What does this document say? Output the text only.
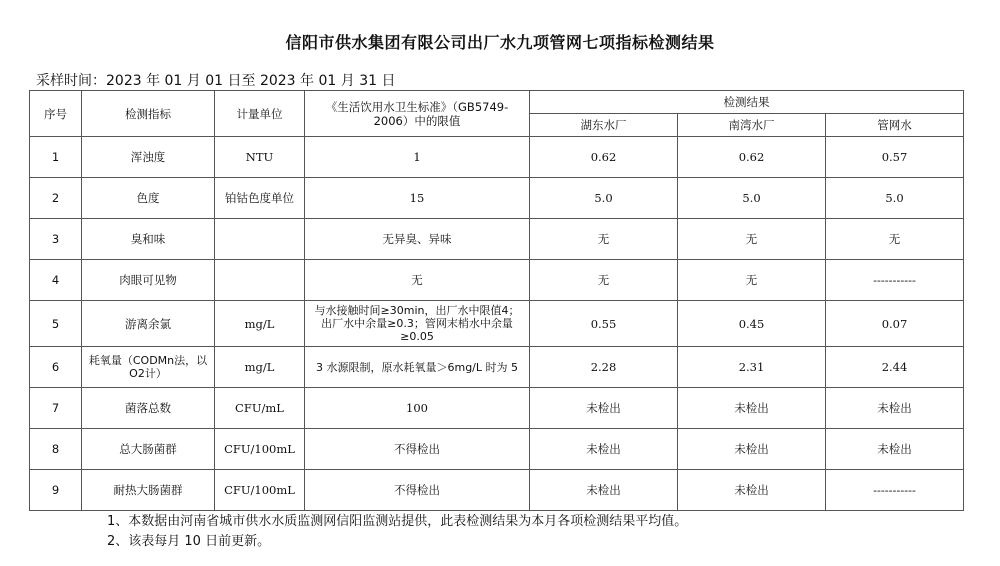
信阳市供水集团有限公司出厂水九项管网七项指标检测结果
采样时间：2023 年 01 月 01 日至 2023 年 01 月 31 日
序号	检测指标	计量单位	《生活饮用水卫生标准》（GB5749-2006）中的限值	检测结果		
				湖东水厂	南湾水厂	管网水
1	浑浊度	NTU	1	0.62	0.62	0.57
2	色度	铂钴色度单位	15	5.0	5.0	5.0
3	臭和味		无异臭、异味	无	无	无
4	肉眼可见物		无	无	无	-----------
5	游离余氯	mg/L	与水接触时间≥30min，出厂水中限值4；出厂水中余量≥0.3；管网末梢水中余量≥0.05	0.55	0.45	0.07
6	耗氧量（CODMn法，以O2计）	mg/L	3 水源限制，原水耗氧量＞6mg/L 时为 5	2.28	2.31	2.44
7	菌落总数	CFU/mL	100	未检出	未检出	未检出
8	总大肠菌群	CFU/100mL	不得检出	未检出	未检出	未检出
9	耐热大肠菌群	CFU/100mL	不得检出	未检出	未检出	-----------
1、本数据由河南省城市供水水质监测网信阳监测站提供，此表检测结果为本月各项检测结果平均值。
2、该表每月 10 日前更新。
